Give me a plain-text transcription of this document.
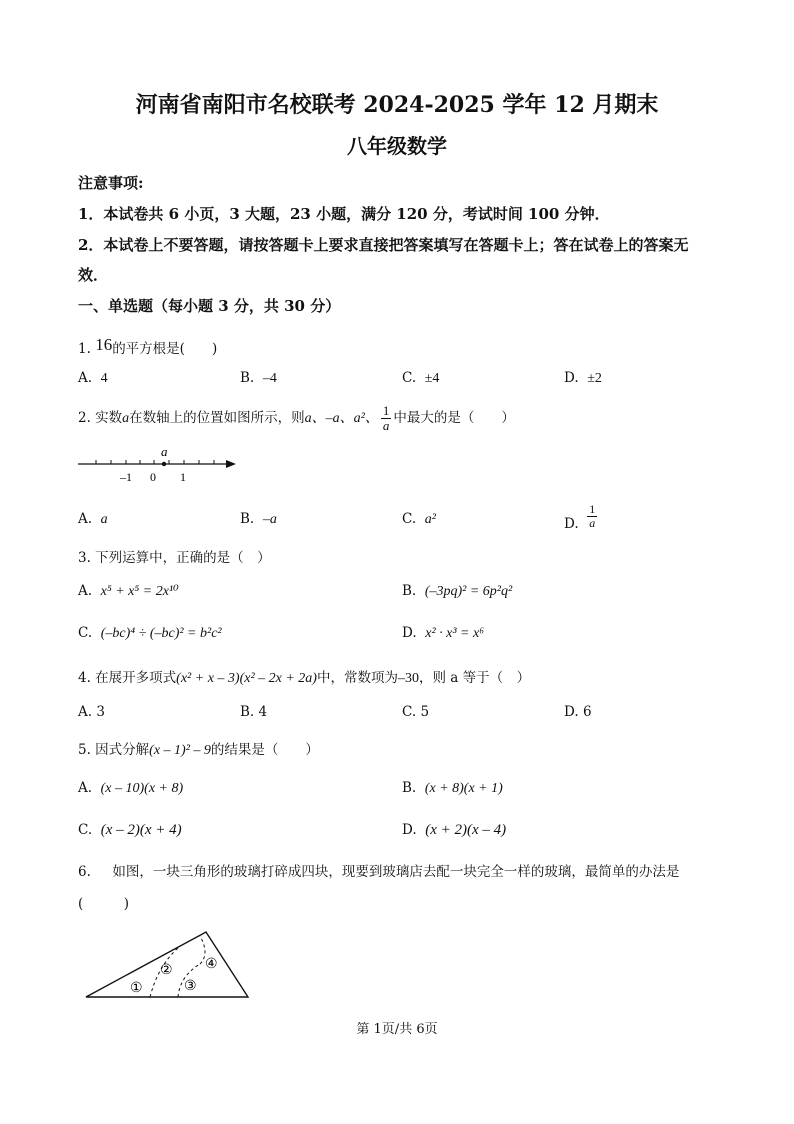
河南省南阳市名校联考 2024-2025 学年 12 月期末
八年级数学
注意事项:
1．本试卷共 6 小页，3 大题，23 小题，满分 120 分，考试时间 100 分钟．
2．本试卷上不要答题，请按答题卡上要求直接把答案填写在答题卡上；答在试卷上的答案无
效．
一、单选题（每小题 3 分，共 30 分）
1. 16的平方根是(　　)
A. 4	B. –4	C. ±4	D. ±2
2. 实数a在数轴上的位置如图所示，则a、–a、a²、 $\frac{1}{a}$ 中最大的是（　　）
a
–1 0 1
A. a	B. –a	C. a²	D. $\frac{1}{a}$
3. 下列运算中，正确的是（　）
A. x⁵ + x⁵ = 2x¹⁰	B. (–3pq)² = 6p²q²
C. (–bc)⁴ ÷ (–bc)² = b²c²	D. x² · x³ = x⁶
4. 在展开多项式(x² + x – 3)(x² – 2x + 2a)中，常数项为–30，则 a 等于（　）
A. 3	B. 4	C. 5	D. 6
5. 因式分解(x – 1)² – 9的结果是（　　）
A. (x – 10)(x + 8)	B. (x + 8)(x + 1)
C. (x – 2)(x + 4)	D. (x + 2)(x – 4)
6. 如图，一块三角形的玻璃打碎成四块，现要到玻璃店去配一块完全一样的玻璃，最简单的办法是
(　　　)
①
②
③
④
第 1页/共 6页
